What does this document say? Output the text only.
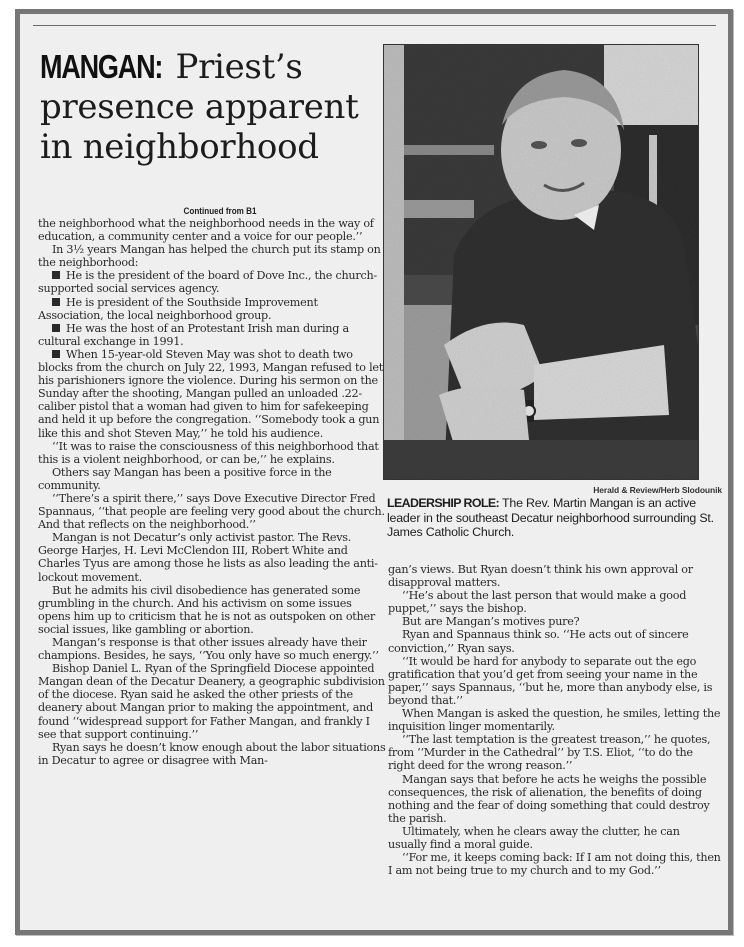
MANGAN: Priest’s
presence apparent
in neighborhood
Continued from B1

the neighborhood what the neighborhood needs in the way of education, a community center and a voice for our people.’’

In 3½ years Mangan has helped the church put its stamp on the neighborhood:

He is the president of the board of Dove Inc., the church-supported social services agency.

He is president of the Southside Improvement Association, the local neighborhood group.

He was the host of an Protestant Irish man during a cultural exchange in 1991.

When 15-year-old Steven May was shot to death two blocks from the church on July 22, 1993, Mangan refused to let his parishioners ignore the violence. During his sermon on the Sunday after the shooting, Mangan pulled an unloaded .22-caliber pistol that a woman had given to him for safekeeping and held it up before the congregation. ‘‘Somebody took a gun like this and shot Steven May,’’ he told his audience.

‘‘It was to raise the consciousness of this neighborhood that this is a violent neighborhood, or can be,’’ he explains.

Others say Mangan has been a positive force in the community.

‘‘There’s a spirit there,’’ says Dove Executive Director Fred Spannaus, ‘‘that people are feeling very good about the church. And that reflects on the neighborhood.’’

Mangan is not Decatur’s only activist pastor. The Revs. George Harjes, H. Levi McClendon III, Robert White and Charles Tyus are among those he lists as also leading the anti-lockout movement.

But he admits his civil disobedience has generated some grumbling in the church. And his activism on some issues opens him up to criticism that he is not as outspoken on other social issues, like gambling or abortion.

Mangan’s response is that other issues already have their champions. Besides, he says, ‘‘You only have so much energy.’’

Bishop Daniel L. Ryan of the Springfield Diocese appointed Mangan dean of the Decatur Deanery, a geographic subdivision of the diocese. Ryan said he asked the other priests of the deanery about Mangan prior to making the appointment, and found ‘‘widespread support for Father Mangan, and frankly I see that support continuing.’’

Ryan says he doesn’t know enough about the labor situations in Decatur to agree or disagree with Man-

Herald & Review/Herb Slodounik
LEADERSHIP ROLE: The Rev. Martin Mangan is an active leader in the southeast Decatur neighborhood surrounding St. James Catholic Church.

gan’s views. But Ryan doesn’t think his own approval or disapproval matters.

‘‘He’s about the last person that would make a good puppet,’’ says the bishop.

But are Mangan’s motives pure?

Ryan and Spannaus think so. ‘‘He acts out of sincere conviction,’’ Ryan says.

‘‘It would be hard for anybody to separate out the ego gratification that you’d get from seeing your name in the paper,’’ says Spannaus, ‘‘but he, more than anybody else, is beyond that.’’

When Mangan is asked the question, he smiles, letting the inquisition linger momentarily.

‘‘The last temptation is the greatest treason,’’ he quotes, from ‘‘Murder in the Cathedral’’ by T.S. Eliot, ‘‘to do the right deed for the wrong reason.’’

Mangan says that before he acts he weighs the possible consequences, the risk of alienation, the benefits of doing nothing and the fear of doing something that could destroy the parish.

Ultimately, when he clears away the clutter, he can usually find a moral guide.

‘‘For me, it keeps coming back: If I am not doing this, then I am not being true to my church and to my God.’’
